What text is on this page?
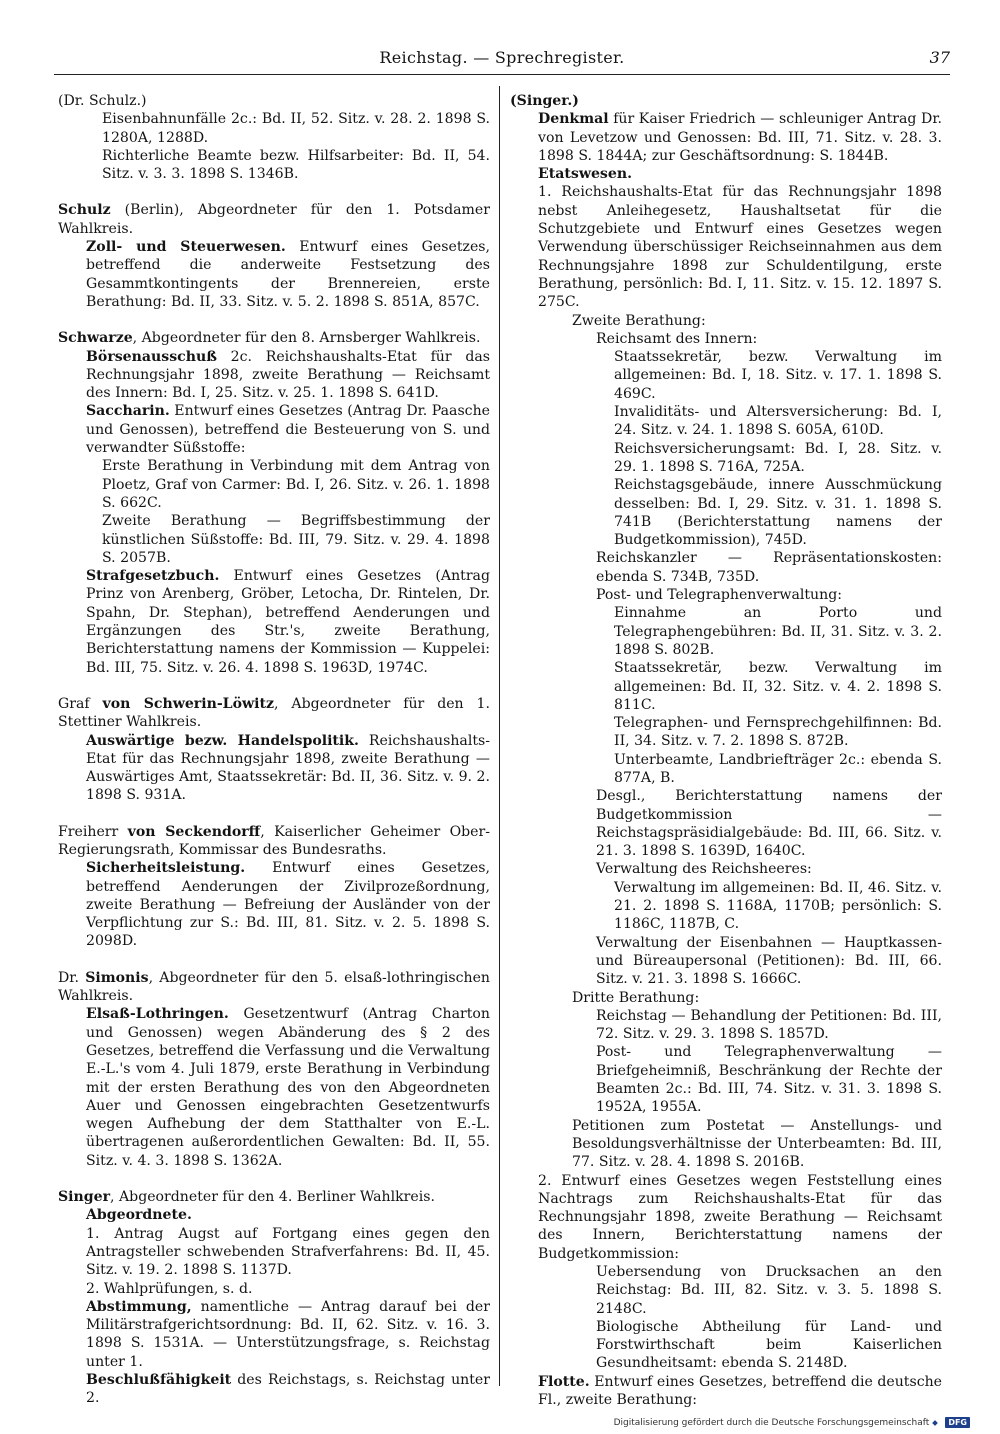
Reichstag. — Sprechregister.	37

(Dr. Schulz.)

Eisenbahnunfälle 2c.: Bd. II, 52. Sitz. v. 28. 2. 1898 S. 1280A, 1288D.

Richterliche Beamte bezw. Hilfsarbeiter: Bd. II, 54. Sitz. v. 3. 3. 1898 S. 1346B.

Schulz (Berlin), Abgeordneter für den 1. Potsdamer Wahlkreis.

Zoll- und Steuerwesen. Entwurf eines Gesetzes, betreffend die anderweite Festsetzung des Gesammtkontingents der Brennereien, erste Berathung: Bd. II, 33. Sitz. v. 5. 2. 1898 S. 851A, 857C.

Schwarze, Abgeordneter für den 8. Arnsberger Wahlkreis.

Börsenausschuß 2c. Reichshaushalts-Etat für das Rechnungsjahr 1898, zweite Berathung — Reichsamt des Innern: Bd. I, 25. Sitz. v. 25. 1. 1898 S. 641D.

Saccharin. Entwurf eines Gesetzes (Antrag Dr. Paasche und Genossen), betreffend die Besteuerung von S. und verwandter Süßstoffe:

Erste Berathung in Verbindung mit dem Antrag von Ploetz, Graf von Carmer: Bd. I, 26. Sitz. v. 26. 1. 1898 S. 662C.

Zweite Berathung — Begriffsbestimmung der künstlichen Süßstoffe: Bd. III, 79. Sitz. v. 29. 4. 1898 S. 2057B.

Strafgesetzbuch. Entwurf eines Gesetzes (Antrag Prinz von Arenberg, Gröber, Letocha, Dr. Rintelen, Dr. Spahn, Dr. Stephan), betreffend Aenderungen und Ergänzungen des Str.'s, zweite Berathung, Berichterstattung namens der Kommission — Kuppelei: Bd. III, 75. Sitz. v. 26. 4. 1898 S. 1963D, 1974C.

Graf von Schwerin-Löwitz, Abgeordneter für den 1. Stettiner Wahlkreis.

Auswärtige bezw. Handelspolitik. Reichshaushalts-Etat für das Rechnungsjahr 1898, zweite Berathung — Auswärtiges Amt, Staatssekretär: Bd. II, 36. Sitz. v. 9. 2. 1898 S. 931A.

Freiherr von Seckendorff, Kaiserlicher Geheimer Ober-Regierungsrath, Kommissar des Bundesraths.

Sicherheitsleistung. Entwurf eines Gesetzes, betreffend Aenderungen der Zivilprozeßordnung, zweite Berathung — Befreiung der Ausländer von der Verpflichtung zur S.: Bd. III, 81. Sitz. v. 2. 5. 1898 S. 2098D.

Dr. Simonis, Abgeordneter für den 5. elsaß-lothringischen Wahlkreis.

Elsaß-Lothringen. Gesetzentwurf (Antrag Charton und Genossen) wegen Abänderung des § 2 des Gesetzes, betreffend die Verfassung und die Verwaltung E.-L.'s vom 4. Juli 1879, erste Berathung in Verbindung mit der ersten Berathung des von den Abgeordneten Auer und Genossen eingebrachten Gesetzentwurfs wegen Aufhebung der dem Statthalter von E.-L. übertragenen außerordentlichen Gewalten: Bd. II, 55. Sitz. v. 4. 3. 1898 S. 1362A.

Singer, Abgeordneter für den 4. Berliner Wahlkreis.

Abgeordnete.

1. Antrag Augst auf Fortgang eines gegen den Antragsteller schwebenden Strafverfahrens: Bd. II, 45. Sitz. v. 19. 2. 1898 S. 1137D.

2. Wahlprüfungen, s. d.

Abstimmung, namentliche — Antrag darauf bei der Militärstrafgerichtsordnung: Bd. II, 62. Sitz. v. 16. 3. 1898 S. 1531A. — Unterstützungsfrage, s. Reichstag unter 1.

Beschlußfähigkeit des Reichstags, s. Reichstag unter 2.

(Singer.)

Denkmal für Kaiser Friedrich — schleuniger Antrag Dr. von Levetzow und Genossen: Bd. III, 71. Sitz. v. 28. 3. 1898 S. 1844A; zur Geschäftsordnung: S. 1844B.

Etatswesen.

1. Reichshaushalts-Etat für das Rechnungsjahr 1898 nebst Anleihegesetz, Haushaltsetat für die Schutzgebiete und Entwurf eines Gesetzes wegen Verwendung überschüssiger Reichseinnahmen aus dem Rechnungsjahre 1898 zur Schuldentilgung, erste Berathung, persönlich: Bd. I, 11. Sitz. v. 15. 12. 1897 S. 275C.

Zweite Berathung:

Reichsamt des Innern:

Staatssekretär, bezw. Verwaltung im allgemeinen: Bd. I, 18. Sitz. v. 17. 1. 1898 S. 469C.

Invaliditäts- und Altersversicherung: Bd. I, 24. Sitz. v. 24. 1. 1898 S. 605A, 610D.

Reichsversicherungsamt: Bd. I, 28. Sitz. v. 29. 1. 1898 S. 716A, 725A.

Reichstagsgebäude, innere Ausschmückung desselben: Bd. I, 29. Sitz. v. 31. 1. 1898 S. 741B (Berichterstattung namens der Budgetkommission), 745D.

Reichskanzler — Repräsentationskosten: ebenda S. 734B, 735D.

Post- und Telegraphenverwaltung:

Einnahme an Porto und Telegraphengebühren: Bd. II, 31. Sitz. v. 3. 2. 1898 S. 802B.

Staatssekretär, bezw. Verwaltung im allgemeinen: Bd. II, 32. Sitz. v. 4. 2. 1898 S. 811C.

Telegraphen- und Fernsprechgehilfinnen: Bd. II, 34. Sitz. v. 7. 2. 1898 S. 872B.

Unterbeamte, Landbriefträger 2c.: ebenda S. 877A, B.

Desgl., Berichterstattung namens der Budgetkommission — Reichstagspräsidialgebäude: Bd. III, 66. Sitz. v. 21. 3. 1898 S. 1639D, 1640C.

Verwaltung des Reichsheeres:

Verwaltung im allgemeinen: Bd. II, 46. Sitz. v. 21. 2. 1898 S. 1168A, 1170B; persönlich: S. 1186C, 1187B, C.

Verwaltung der Eisenbahnen — Hauptkassen- und Büreaupersonal (Petitionen): Bd. III, 66. Sitz. v. 21. 3. 1898 S. 1666C.

Dritte Berathung:

Reichstag — Behandlung der Petitionen: Bd. III, 72. Sitz. v. 29. 3. 1898 S. 1857D.

Post- und Telegraphenverwaltung — Briefgeheimniß, Beschränkung der Rechte der Beamten 2c.: Bd. III, 74. Sitz. v. 31. 3. 1898 S. 1952A, 1955A.

Petitionen zum Postetat — Anstellungs- und Besoldungsverhältnisse der Unterbeamten: Bd. III, 77. Sitz. v. 28. 4. 1898 S. 2016B.

2. Entwurf eines Gesetzes wegen Feststellung eines Nachtrags zum Reichshaushalts-Etat für das Rechnungsjahr 1898, zweite Berathung — Reichsamt des Innern, Berichterstattung namens der Budgetkommission:

Uebersendung von Drucksachen an den Reichstag: Bd. III, 82. Sitz. v. 3. 5. 1898 S. 2148C.

Biologische Abtheilung für Land- und Forstwirthschaft beim Kaiserlichen Gesundheitsamt: ebenda S. 2148D.

Flotte. Entwurf eines Gesetzes, betreffend die deutsche Fl., zweite Berathung:

Digitalisierung gefördert durch die Deutsche Forschungsgemeinschaft	DFG
